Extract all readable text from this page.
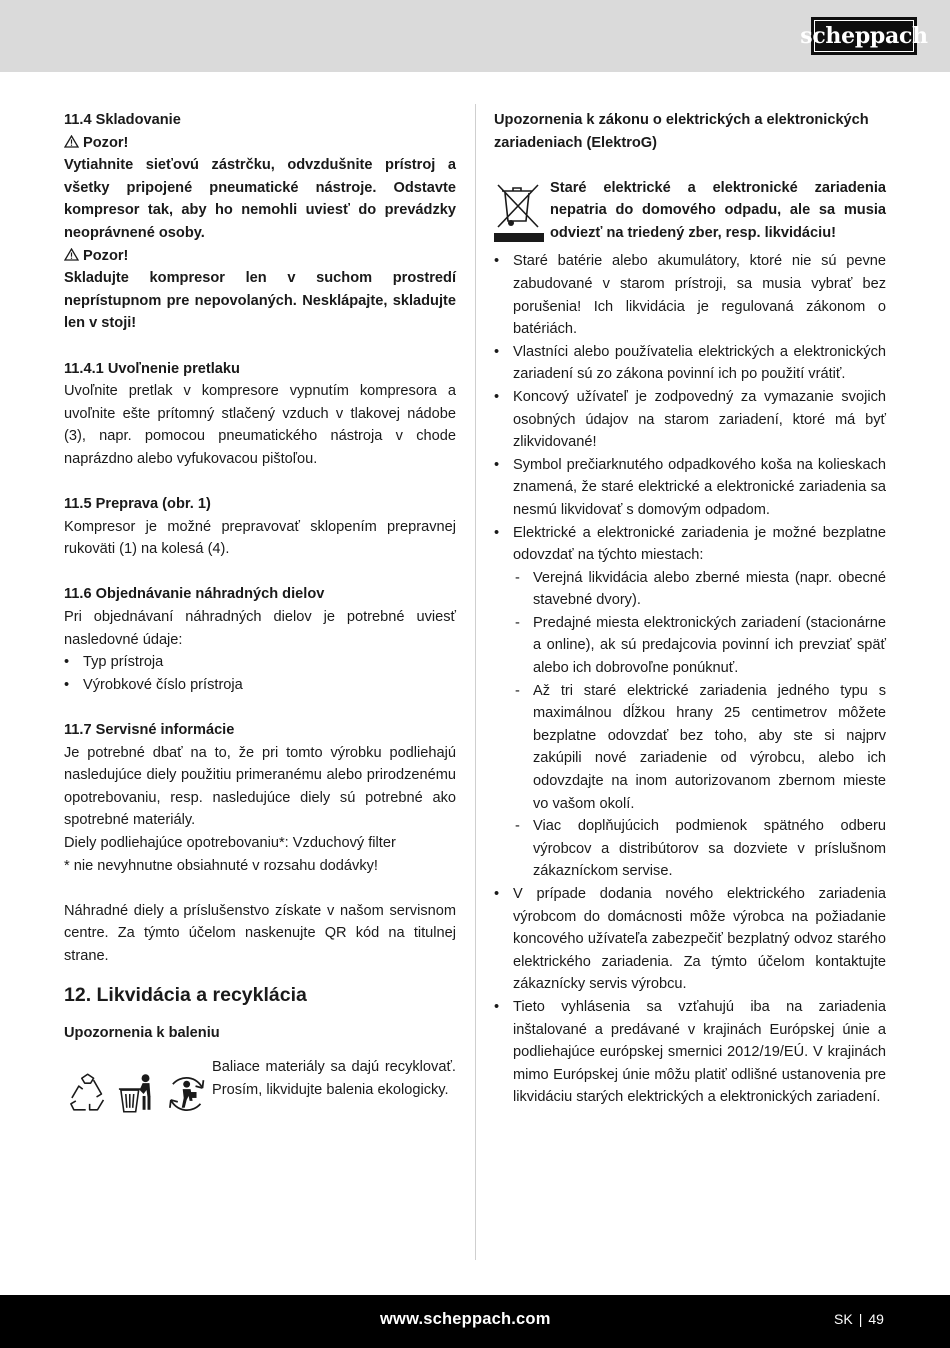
scheppach

11.4 Skladovanie

Pozor!

Vytiahnite sieťovú zástrčku, odvzdušnite prístroj a všetky pripojené pneumatické nástroje. Odstavte kompresor tak, aby ho nemohli uviesť do prevádzky neoprávnené osoby.

Pozor!

Skladujte kompresor len v suchom prostredí neprístupnom pre nepovolaných. Nesklápajte, skladujte len v stoji!

11.4.1 Uvoľnenie pretlaku

Uvoľnite pretlak v kompresore vypnutím kompresora a uvoľnite ešte prítomný stlačený vzduch v tlakovej nádobe (3), napr. pomocou pneumatického nástroja v chode naprázdno alebo vyfukovacou pištoľou.

11.5 Preprava (obr. 1)

Kompresor je možné prepravovať sklopením prepravnej rukoväti (1) na kolesá (4).

11.6 Objednávanie náhradných dielov

Pri objednávaní náhradných dielov je potrebné uviesť nasledovné údaje:

• Typ prístroja
• Výrobkové číslo prístroja

11.7 Servisné informácie

Je potrebné dbať na to, že pri tomto výrobku podliehajú nasledujúce diely použitiu primeranému alebo prirodzenému opotrebovaniu, resp. nasledujúce diely sú potrebné ako spotrebné materiály.

Diely podliehajúce opotrebovaniu*: Vzduchový filter

* nie nevyhnutne obsiahnuté v rozsahu dodávky!

Náhradné diely a príslušenstvo získate v našom servisnom centre. Za týmto účelom naskenujte QR kód na titulnej strane.

12. Likvidácia a recyklácia

Upozornenia k baleniu

Baliace materiály sa dajú recyklovať. Prosím, likvidujte balenia ekologicky.

Upozornenia k zákonu o elektrických a elektronických zariadeniach (ElektroG)

Staré elektrické a elektronické zariadenia nepatria do domového odpadu, ale sa musia odviezť na triedený zber, resp. likvidáciu!

• Staré batérie alebo akumulátory, ktoré nie sú pevne zabudované v starom prístroji, sa musia vybrať bez porušenia! Ich likvidácia je regulovaná zákonom o batériách.
• Vlastníci alebo používatelia elektrických a elektronických zariadení sú zo zákona povinní ich po použití vrátiť.
• Koncový užívateľ je zodpovedný za vymazanie svojich osobných údajov na starom zariadení, ktoré má byť zlikvidované!
• Symbol prečiarknutého odpadkového koša na kolieskach znamená, že staré elektrické a elektronické zariadenia sa nesmú likvidovať s domovým odpadom.
• Elektrické a elektronické zariadenia je možné bezplatne odovzdať na týchto miestach:
- Verejná likvidácia alebo zberné miesta (napr. obecné stavebné dvory).
- Predajné miesta elektronických zariadení (stacionárne a online), ak sú predajcovia povinní ich prevziať späť alebo ich dobrovoľne ponúknuť.
- Až tri staré elektrické zariadenia jedného typu s maximálnou dĺžkou hrany 25 centimetrov môžete bezplatne odovzdať bez toho, aby ste si najprv zakúpili nové zariadenie od výrobcu, alebo ich odovzdajte na inom autorizovanom zbernom mieste vo vašom okolí.
- Viac doplňujúcich podmienok spätného odberu výrobcov a distribútorov sa dozviete v príslušnom zákazníckom servise.
• V prípade dodania nového elektrického zariadenia výrobcom do domácnosti môže výrobca na požiadanie koncového užívateľa zabezpečiť bezplatný odvoz starého elektrického zariadenia. Za týmto účelom kontaktujte zákaznícky servis výrobcu.
• Tieto vyhlásenia sa vzťahujú iba na zariadenia inštalované a predávané v krajinách Európskej únie a podliehajúce európskej smernici 2012/19/EÚ. V krajinách mimo Európskej únie môžu platiť odlišné ustanovenia pre likvidáciu starých elektrických a elektronických zariadení.
www.scheppach.com	SK | 49
